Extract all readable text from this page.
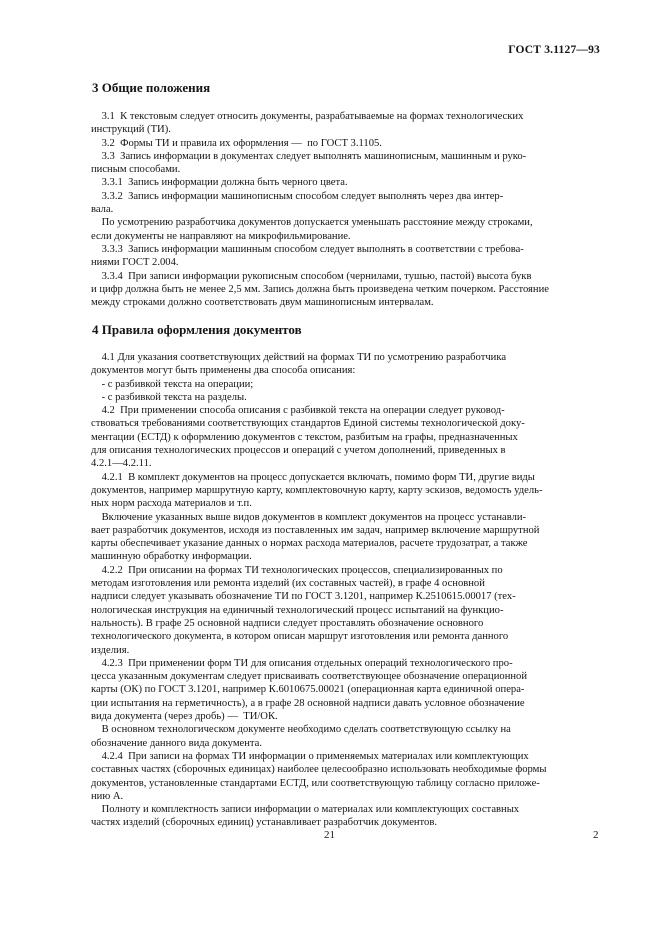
ГОСТ 3.1127—93
3 Общие положения
3.1  К текстовым следует относить документы, разрабатываемые на формах технологических
инструкций (ТИ).
3.2  Формы ТИ и правила их оформления —  по ГОСТ 3.1105.
3.3  Запись информации в документах следует выполнять машинописным, машинным и руко-
писным способами.
3.3.1  Запись информации должна быть черного цвета.
3.3.2  Запись информации машинописным способом следует выполнять через два интер-
вала.
По усмотрению разработчика документов допускается уменьшать расстояние между строками,
если документы не направляют на микрофильмирование.
3.3.3  Запись информации машинным способом следует выполнять в соответствии с требова-
ниями ГОСТ 2.004.
3.3.4  При записи информации рукописным способом (чернилами, тушью, пастой) высота букв
и цифр должна быть не менее 2,5 мм. Запись должна быть произведена четким почерком. Расстояние
между строками должно соответствовать двум машинописным интервалам.
4 Правила оформления документов
4.1 Для указания соответствующих действий на формах ТИ по усмотрению разработчика
документов могут быть применены два способа описания:
- с разбивкой текста на операции;
- с разбивкой текста на разделы.
4.2  При применении способа описания с разбивкой текста на операции следует руковод-
ствоваться требованиями соответствующих стандартов Единой системы технологической доку-
ментации (ЕСТД) к оформлению документов с текстом, разбитым на графы, предназначенных
для описания технологических процессов и операций с учетом дополнений, приведенных в
4.2.1—4.2.11.
4.2.1  В комплект документов на процесс допускается включать, помимо форм ТИ, другие виды
документов, например маршрутную карту, комплектовочную карту, карту эскизов, ведомость удель-
ных норм расхода материалов и т.п.
Включение указанных выше видов документов в комплект документов на процесс устанавли-
вает разработчик документов, исходя из поставленных им задач, например включение маршрутной
карты обеспечивает указание данных о нормах расхода материалов, расчете трудозатрат, а также
машинную обработку информации.
4.2.2  При описании на формах ТИ технологических процессов, специализированных по
методам изготовления или ремонта изделий (их составных частей), в графе 4 основной
надписи следует указывать обозначение ТИ по ГОСТ 3.1201, например К.2510615.00017 (тех-
нологическая инструкция на единичный технологический процесс испытаний на функцио-
нальность). В графе 25 основной надписи следует проставлять обозначение основного
технологического документа, в котором описан маршрут изготовления или ремонта данного
изделия.
4.2.3  При применении форм ТИ для описания отдельных операций технологического про-
цесса указанным документам следует присваивать соответствующее обозначение операционной
карты (ОК) по ГОСТ 3.1201, например К.6010675.00021 (операционная карта единичной опера-
ции испытания на герметичность), а в графе 28 основной надписи давать условное обозначение
вида документа (через дробь) —  ТИ/ОК.
В основном технологическом документе необходимо сделать соответствующую ссылку на
обозначение данного вида документа.
4.2.4  При записи на формах ТИ информации о применяемых материалах или комплектующих
составных частях (сборочных единицах) наиболее целесообразно использовать необходимые формы
документов, установленные стандартами ЕСТД, или соответствующую таблицу согласно приложе-
нию А.
Полноту и комплектность записи информации о материалах или комплектующих составных
частях изделий (сборочных единиц) устанавливает разработчик документов.
21	2
